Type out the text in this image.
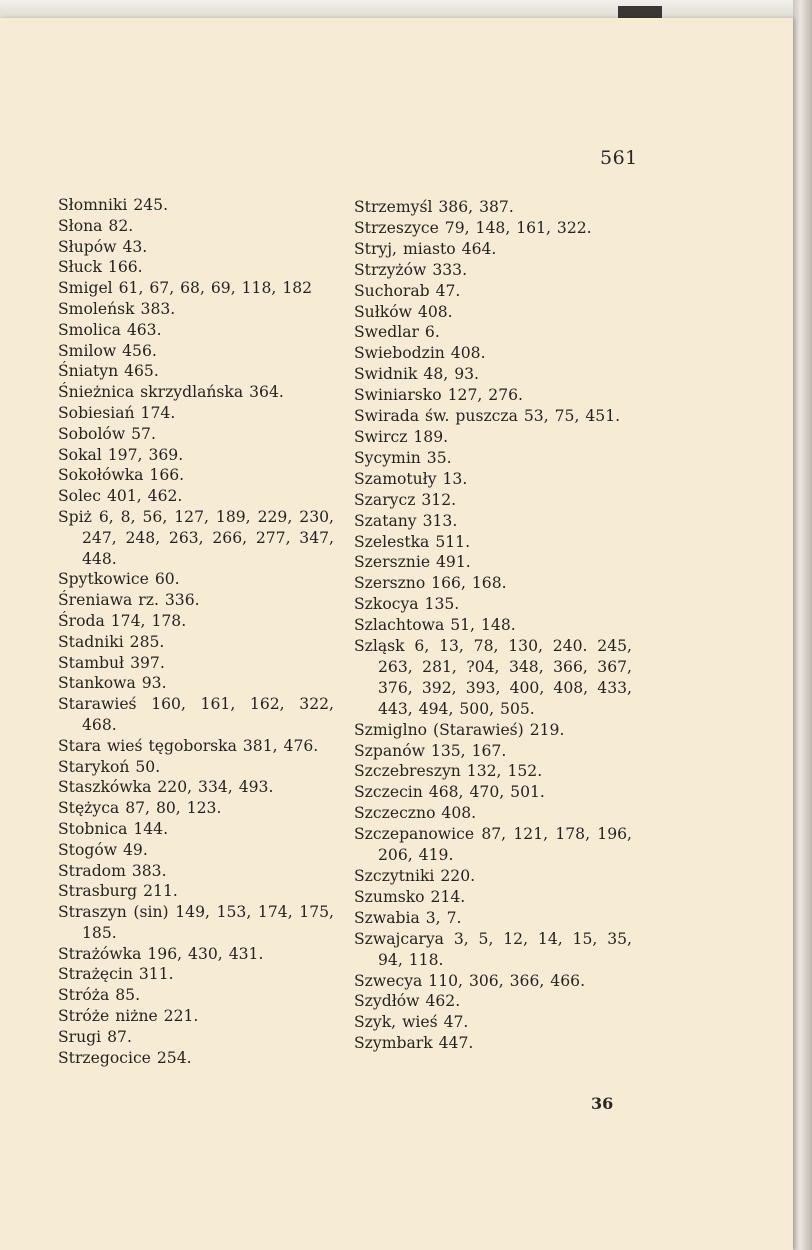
561
Słomniki 245.
Słona 82.
Słupów 43.
Słuck 166.
Smigel 61, 67, 68, 69, 118, 182
Smoleńsk 383.
Smolica 463.
Smilow 456.
Śniatyn 465.
Śnieżnica skrzydlańska 364.
Sobiesiań 174.
Sobolów 57.
Sokal 197, 369.
Sokołówka 166.
Solec 401, 462.
Spiż 6, 8, 56, 127, 189, 229, 230, 247, 248, 263, 266, 277, 347, 448.
Spytkowice 60.
Śreniawa rz. 336.
Środa 174, 178.
Stadniki 285.
Stambuł 397.
Stankowa 93.
Starawieś 160, 161, 162, 322, 468.
Stara wieś tęgoborska 381, 476.
Starykoń 50.
Staszkówka 220, 334, 493.
Stężyca 87, 80, 123.
Stobnica 144.
Stogów 49.
Stradom 383.
Strasburg 211.
Straszyn (sin) 149, 153, 174, 175, 185.
Strażówka 196, 430, 431.
Strażęcin 311.
Stróża 85.
Stróże niżne 221.
Srugi 87.
Strzegocice 254.
Strzemyśl 386, 387.
Strzeszyce 79, 148, 161, 322.
Stryj, miasto 464.
Strzyżów 333.
Suchorab 47.
Sułków 408.
Swedlar 6.
Swiebodzin 408.
Swidnik 48, 93.
Swiniarsko 127, 276.
Swirada św. puszcza 53, 75, 451.
Swircz 189.
Sycymin 35.
Szamotuły 13.
Szarycz 312.
Szatany 313.
Szelestka 511.
Szersznie 491.
Szerszno 166, 168.
Szkocya 135.
Szlachtowa 51, 148.
Szląsk 6, 13, 78, 130, 240. 245, 263, 281, ?04, 348, 366, 367, 376, 392, 393, 400, 408, 433, 443, 494, 500, 505.
Szmiglno (Starawieś) 219.
Szpanów 135, 167.
Szczebreszyn 132, 152.
Szczecin 468, 470, 501.
Szczeczno 408.
Szczepanowice 87, 121, 178, 196, 206, 419.
Szczytniki 220.
Szumsko 214.
Szwabia 3, 7.
Szwajcarya 3, 5, 12, 14, 15, 35, 94, 118.
Szwecya 110, 306, 366, 466.
Szydłów 462.
Szyk, wieś 47.
Szymbark 447.
36
